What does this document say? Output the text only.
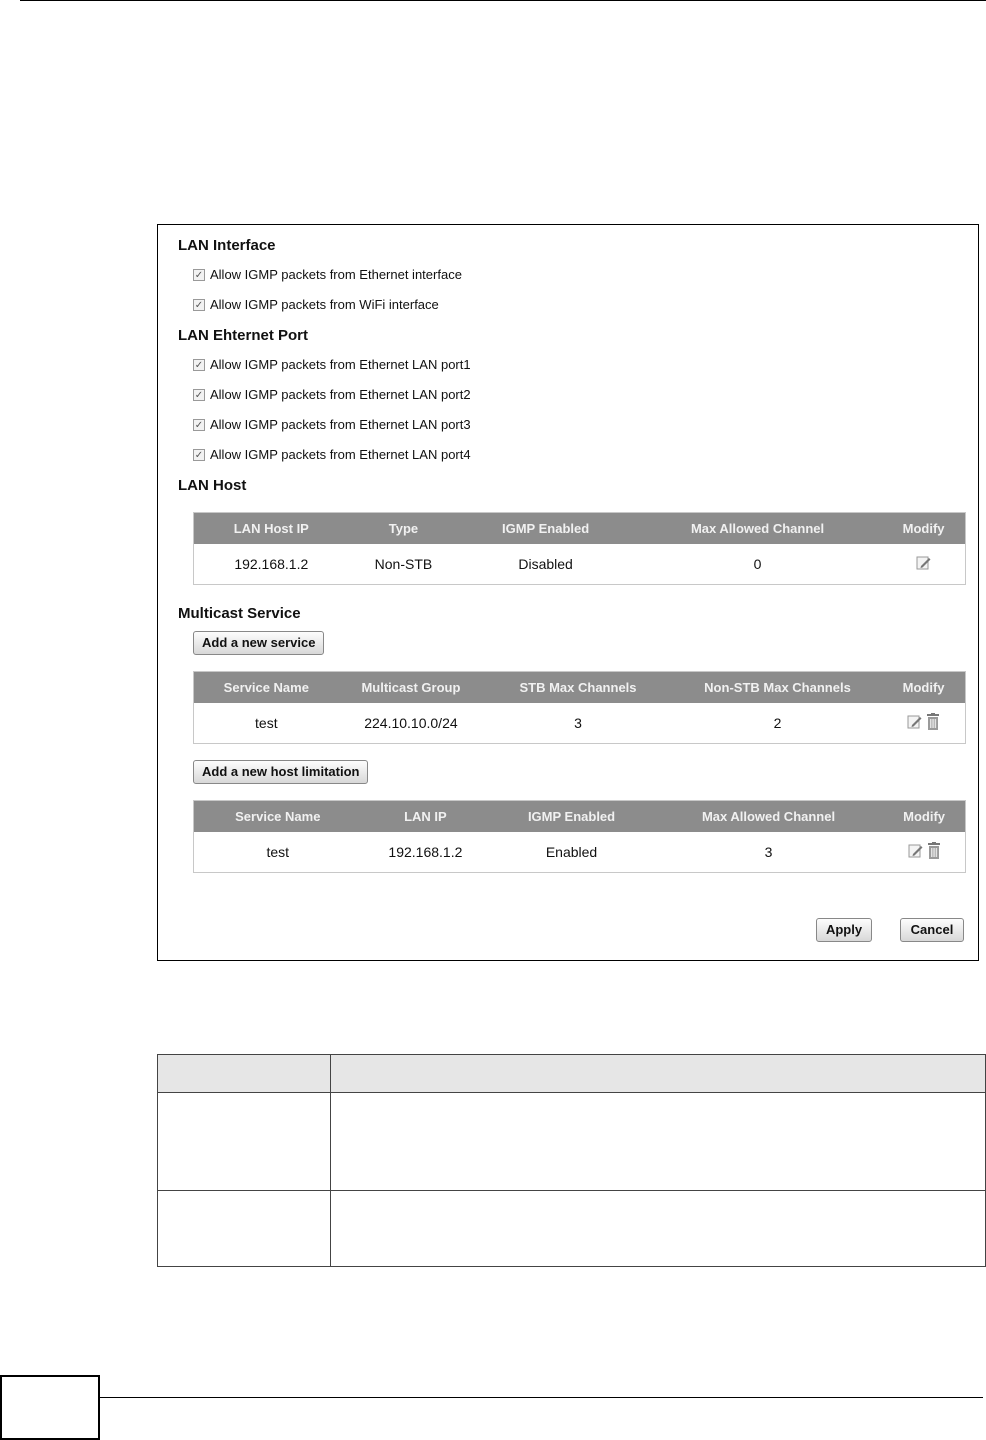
LAN Interface
✓ Allow IGMP packets from Ethernet interface
✓ Allow IGMP packets from WiFi interface
LAN Ehternet Port
✓ Allow IGMP packets from Ethernet LAN port1
✓ Allow IGMP packets from Ethernet LAN port2
✓ Allow IGMP packets from Ethernet LAN port3
✓ Allow IGMP packets from Ethernet LAN port4
LAN Host
LAN Host IP	Type	IGMP Enabled	Max Allowed Channel	Modify
192.168.1.2	Non-STB	Disabled	0
Multicast Service
Add a new service
Service Name	Multicast Group	STB Max Channels	Non-STB Max Channels	Modify
test	224.10.10.0/24	3	2
Add a new host limitation
Service Name	LAN IP	IGMP Enabled	Max Allowed Channel	Modify
test	192.168.1.2	Enabled	3
Apply	Cancel
